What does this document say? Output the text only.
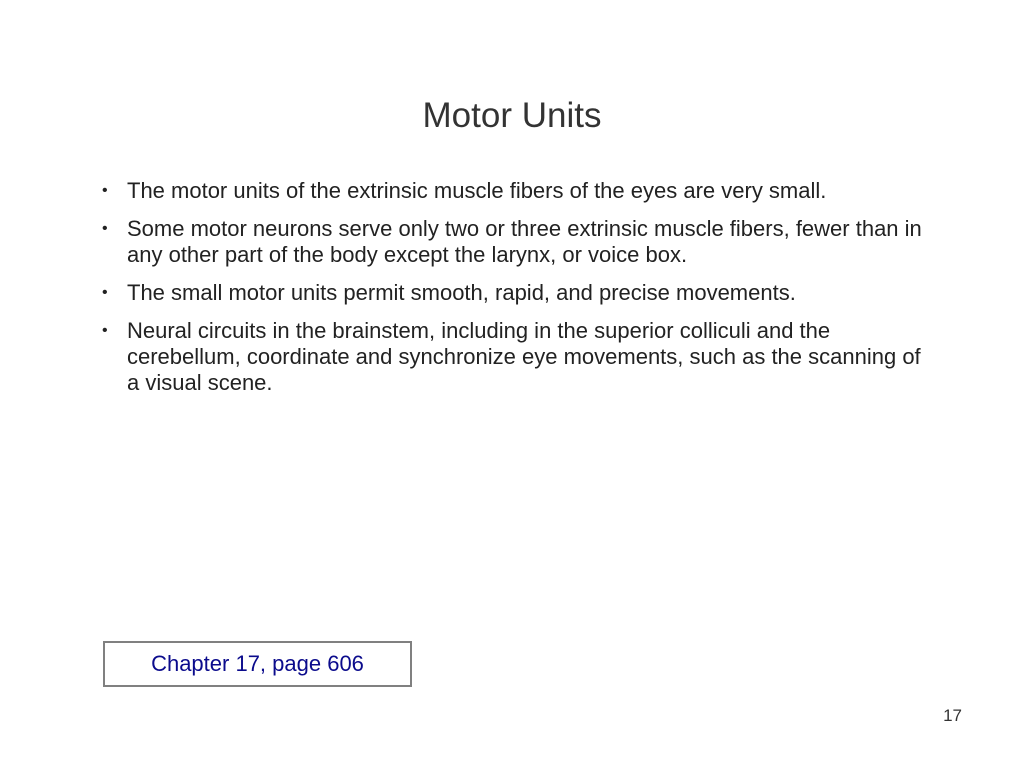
Motor Units
• The motor units of the extrinsic muscle fibers of the eyes are very small.
• Some motor neurons serve only two or three extrinsic muscle fibers, fewer than in any other part of the body except the larynx, or voice box.
• The small motor units permit smooth, rapid, and precise movements.
• Neural circuits in the brainstem, including in the superior colliculi and the cerebellum, coordinate and synchronize eye movements, such as the scanning of a visual scene.
Chapter 17, page 606
17
